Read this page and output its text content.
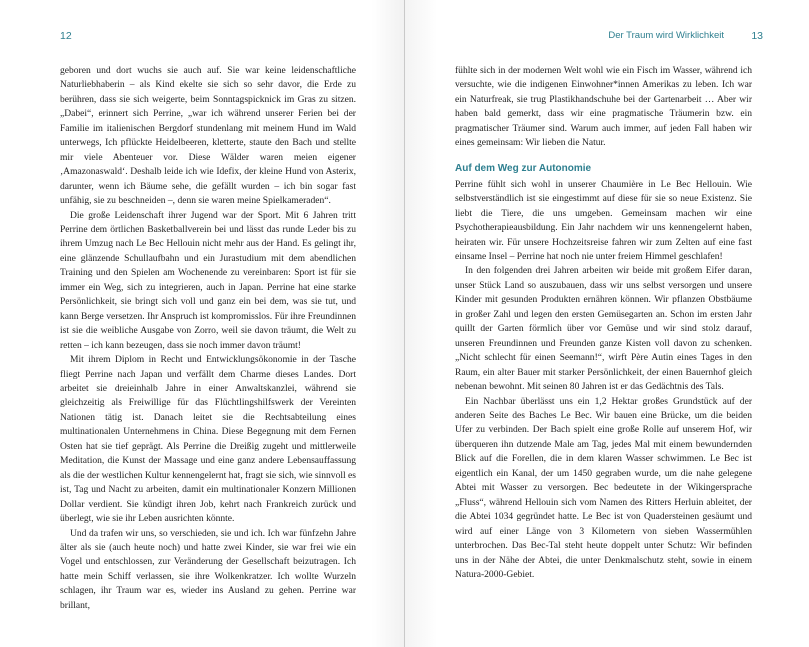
12

geboren und dort wuchs sie auch auf. Sie war keine leidenschaftliche Naturliebhaberin – als Kind ekelte sie sich so sehr davor, die Erde zu berühren, dass sie sich weigerte, beim Sonntagspicknick im Gras zu sitzen. „Dabei“, erinnert sich Perrine, „war ich während unserer Ferien bei der Familie im italienischen Bergdorf stundenlang mit meinem Hund im Wald unterwegs, Ich pflückte Heidelbeeren, kletterte, staute den Bach und stellte mir viele Abenteuer vor. Diese Wälder waren meien eigener ‚Amazonaswald‘. Deshalb leide ich wie Idefix, der kleine Hund von Asterix, darunter, wenn ich Bäume sehe, die gefällt wurden – ich bin sogar fast unfähig, sie zu beschneiden –, denn sie waren meine Spielkameraden“.

Die große Leidenschaft ihrer Jugend war der Sport. Mit 6 Jahren tritt Perrine dem örtlichen Basketballverein bei und lässt das runde Leder bis zu ihrem Umzug nach Le Bec Hellouin nicht mehr aus der Hand. Es gelingt ihr, eine glänzende Schullaufbahn und ein Jurastudium mit dem abendlichen Training und den Spielen am Wochenende zu vereinbaren: Sport ist für sie immer ein Weg, sich zu integrieren, auch in Japan. Perrine hat eine starke Persönlichkeit, sie bringt sich voll und ganz ein bei dem, was sie tut, und kann Berge versetzen. Ihr Anspruch ist kompromisslos. Für ihre Freundinnen ist sie die weibliche Ausgabe von Zorro, weil sie davon träumt, die Welt zu retten – ich kann bezeugen, dass sie noch immer davon träumt!

Mit ihrem Diplom in Recht und Entwicklungsökonomie in der Tasche fliegt Perrine nach Japan und verfällt dem Charme dieses Landes. Dort arbeitet sie dreieinhalb Jahre in einer Anwaltskanzlei, während sie gleichzeitig als Freiwillige für das Flüchtlingshilfswerk der Vereinten Nationen tätig ist. Danach leitet sie die Rechtsabteilung eines multinationalen Unternehmens in China. Diese Begegnung mit dem Fernen Osten hat sie tief geprägt. Als Perrine die Dreißig zugeht und mittlerweile Meditation, die Kunst der Massage und eine ganz andere Lebensauffassung als die der westlichen Kultur kennengelernt hat, fragt sie sich, wie sinnvoll es ist, Tag und Nacht zu arbeiten, damit ein multinationaler Konzern Millionen Dollar verdient. Sie kündigt ihren Job, kehrt nach Frankreich zurück und überlegt, wie sie ihr Leben ausrichten könnte.

Und da trafen wir uns, so verschieden, sie und ich. Ich war fünfzehn Jahre älter als sie (auch heute noch) und hatte zwei Kinder, sie war frei wie ein Vogel und entschlossen, zur Veränderung der Gesellschaft beizutragen. Ich hatte mein Schiff verlassen, sie ihre Wolkenkratzer. Ich wollte Wurzeln schlagen, ihr Traum war es, wieder ins Ausland zu gehen. Perrine war brillant,

Der Traum wird Wirklichkeit	13

fühlte sich in der modernen Welt wohl wie ein Fisch im Wasser, während ich versuchte, wie die indigenen Einwohner*innen Amerikas zu leben. Ich war ein Naturfreak, sie trug Plastikhandschuhe bei der Gartenarbeit … Aber wir haben bald gemerkt, dass wir eine pragmatische Träumerin bzw. ein pragmatischer Träumer sind. Warum auch immer, auf jeden Fall haben wir eines gemeinsam: Wir lieben die Natur.

Auf dem Weg zur Autonomie

Perrine fühlt sich wohl in unserer Chaumière in Le Bec Hellouin. Wie selbstverständlich ist sie eingestimmt auf diese für sie so neue Existenz. Sie liebt die Tiere, die uns umgeben. Gemeinsam machen wir eine Psychotherapieausbildung. Ein Jahr nachdem wir uns kennengelernt haben, heiraten wir. Für unsere Hochzeitsreise fahren wir zum Zelten auf eine fast einsame Insel – Perrine hat noch nie unter freiem Himmel geschlafen!

In den folgenden drei Jahren arbeiten wir beide mit großem Eifer daran, unser Stück Land so auszubauen, dass wir uns selbst versorgen und unsere Kinder mit gesunden Produkten ernähren können. Wir pflanzen Obstbäume in großer Zahl und legen den ersten Gemüsegarten an. Schon im ersten Jahr quillt der Garten förmlich über vor Gemüse und wir sind stolz darauf, unseren Freundinnen und Freunden ganze Kisten voll davon zu schenken. „Nicht schlecht für einen Seemann!“, wirft Père Autin eines Tages in den Raum, ein alter Bauer mit starker Persönlichkeit, der einen Bauernhof gleich nebenan bewohnt. Mit seinen 80 Jahren ist er das Gedächtnis des Tals.

Ein Nachbar überlässt uns ein 1,2 Hektar großes Grundstück auf der anderen Seite des Baches Le Bec. Wir bauen eine Brücke, um die beiden Ufer zu verbinden. Der Bach spielt eine große Rolle auf unserem Hof, wir überqueren ihn dutzende Male am Tag, jedes Mal mit einem bewundernden Blick auf die Forellen, die in dem klaren Wasser schwimmen. Le Bec ist eigentlich ein Kanal, der um 1450 gegraben wurde, um die nahe gelegene Abtei mit Wasser zu versorgen. Bec bedeutete in der Wikingersprache „Fluss“, während Hellouin sich vom Namen des Ritters Herluin ableitet, der die Abtei 1034 gegründet hatte. Le Bec ist von Quadersteinen gesäumt und wird auf einer Länge von 3 Kilometern von sieben Wassermühlen unterbrochen. Das Bec-Tal steht heute doppelt unter Schutz: Wir befinden uns in der Nähe der Abtei, die unter Denkmalschutz steht, sowie in einem Natura-2000-Gebiet.
